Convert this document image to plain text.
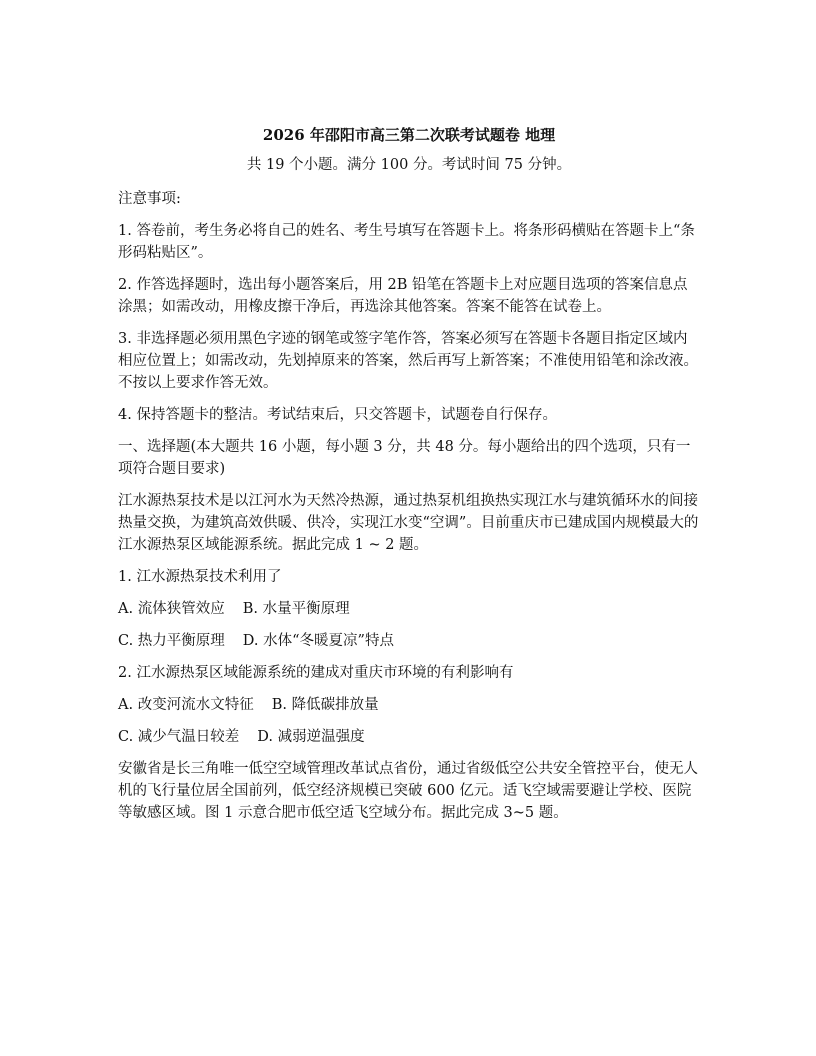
2026 年邵阳市高三第二次联考试题卷 地理
共 19 个小题。满分 100 分。考试时间 75 分钟。
注意事项:
1. 答卷前，考生务必将自己的姓名、考生号填写在答题卡上。将条形码横贴在答题卡上“条形码粘贴区”。
2. 作答选择题时，选出每小题答案后，用 2B 铅笔在答题卡上对应题目选项的答案信息点涂黑；如需改动，用橡皮擦干净后，再选涂其他答案。答案不能答在试卷上。
3. 非选择题必须用黑色字迹的钢笔或签字笔作答，答案必须写在答题卡各题目指定区域内相应位置上；如需改动，先划掉原来的答案，然后再写上新答案；不准使用铅笔和涂改液。不按以上要求作答无效。
4. 保持答题卡的整洁。考试结束后，只交答题卡，试题卷自行保存。
一、选择题(本大题共 16 小题，每小题 3 分，共 48 分。每小题给出的四个选项，只有一项符合题目要求)
江水源热泵技术是以江河水为天然冷热源，通过热泵机组换热实现江水与建筑循环水的间接热量交换，为建筑高效供暖、供冷，实现江水变“空调”。目前重庆市已建成国内规模最大的江水源热泵区域能源系统。据此完成 1 ~ 2 题。
1. 江水源热泵技术利用了
A. 流体狭管效应 B. 水量平衡原理
C. 热力平衡原理 D. 水体“冬暖夏凉”特点
2. 江水源热泵区域能源系统的建成对重庆市环境的有利影响有
A. 改变河流水文特征 B. 降低碳排放量
C. 减少气温日较差 D. 减弱逆温强度
安徽省是长三角唯一低空空域管理改革试点省份，通过省级低空公共安全管控平台，使无人机的飞行量位居全国前列，低空经济规模已突破 600 亿元。适飞空域需要避让学校、医院等敏感区域。图 1 示意合肥市低空适飞空域分布。据此完成 3~5 题。
